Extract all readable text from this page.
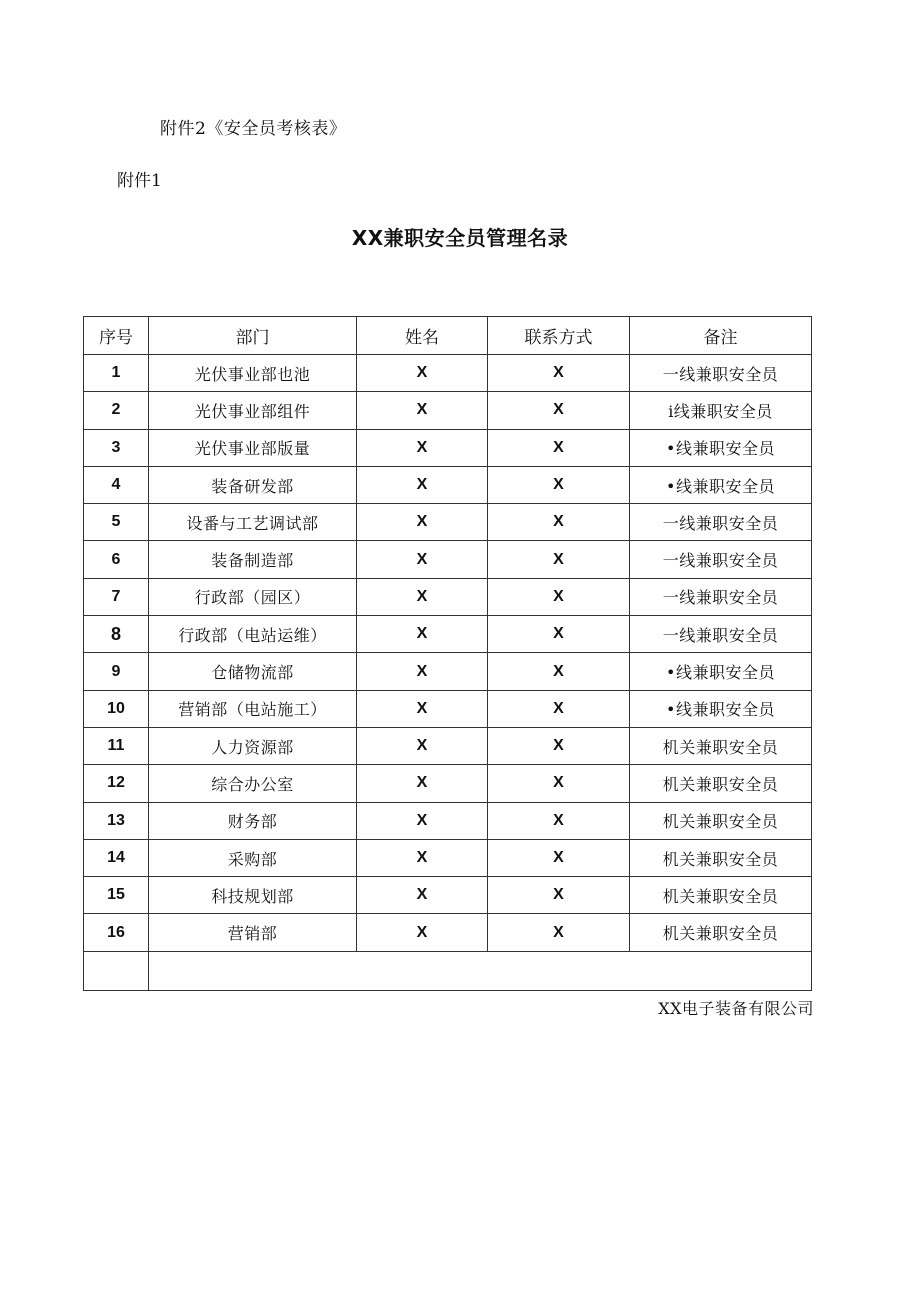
附件2《安全员考核表》
附件1
XX兼职安全员管理名录
序号	部门	姓名	联系方式	备注
1	光伏事业部也池	X	X	一线兼职安全员
2	光伏事业部组件	X	X	i线兼职安全员
3	光伏事业部版量	X	X	•线兼职安全员
4	装备研发部	X	X	•线兼职安全员
5	设番与工艺调试部	X	X	一线兼职安全员
6	装备制造部	X	X	一线兼职安全员
7	行政部（园区）	X	X	一线兼职安全员
8	行政部（电站运维）	X	X	一线兼职安全员
9	仓储物流部	X	X	•线兼职安全员
10	营销部（电站施工）	X	X	•线兼职安全员
11	人力资源部	X	X	机关兼职安全员
12	综合办公室	X	X	机关兼职安全员
13	财务部	X	X	机关兼职安全员
14	采购部	X	X	机关兼职安全员
15	科技规划部	X	X	机关兼职安全员
16	营销部	X	X	机关兼职安全员

XX电子装备有限公司
